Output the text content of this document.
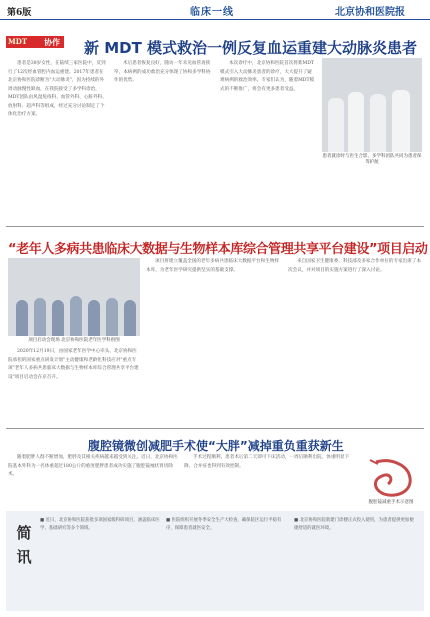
第6版	临床一线	北京协和医院报
MDT 协作 新 MDT 模式救治一例反复血运重建大动脉炎患者

患者是38岁女性，在陆续三家医院中，反到行了12次经血管腔内血运重建。2017年患者在北京协和医院诊断为"大动脉炎"，因为持续的外周动脉慢性缺血，在我院接受了多学科诊治，MDT团队由风湿免疫科、血管外科、心脏外科、放射科、超声科等组成，经过充分讨论制定了个体化治疗方案。

术后患者恢复良好，随访一年未见血管再狭窄，本病例的成功救治充分体现了协和多学科协作的优势。

本次诊疗中，北京协和医院首次将新MDT模式引入大动脉炎患者的诊疗，大大提升了疑难病例的救治效率。专家们认为，随着MDT模式的不断推广，将会有更多患者受益。

患者就诊时与医生合影，多学科团队共同为患者保驾护航
“老年人多病共患临床大数据与生物样本库综合管理共享平台建设”项目启动
项目启动会现场 北京协和医院老年医学科供图

2020年12月19日，由国家老年医学中心牵头、北京协和医院承担的国家重点研发计划"主动健康和老龄化科技应对"重点专项"老年人多病共患临床大数据与生物样本库综合管理共享平台建设"项目启动会在京召开。

项目将建立覆盖全国的老年多病共患临床大数据平台和生物样本库，为老年医学研究提供坚实的基础支撑。

来自国家卫生健康委、科技部及多家合作单位的专家出席了本次会议，并对项目的实施方案进行了深入讨论。

腹腔镜微创减肥手术使“大胖”减掉重负重获新生

随着肥胖人群不断增加，肥胖及其相关疾病越来越受到关注。近日，北京协和医院基本外科为一名体重超过180公斤的重度肥胖患者成功实施了腹腔镜袖状胃切除术。

手术过程顺利，患者术后第二天即可下床活动，一周后顺利出院，体重明显下降，合并症也得到有效控制。

腹腔镜减重手术示意图
简讯

■ 近日，北京协和医院获批多项国家级科研项目，涵盖临床医学、基础研究等多个领域。

■ 医院组织开展冬季安全生产大检查，确保院区运行平稳有序，保障患者就医安全。

■ 北京协和医院新建门诊楼正式投入使用，为患者提供更加便捷舒适的就医环境。
